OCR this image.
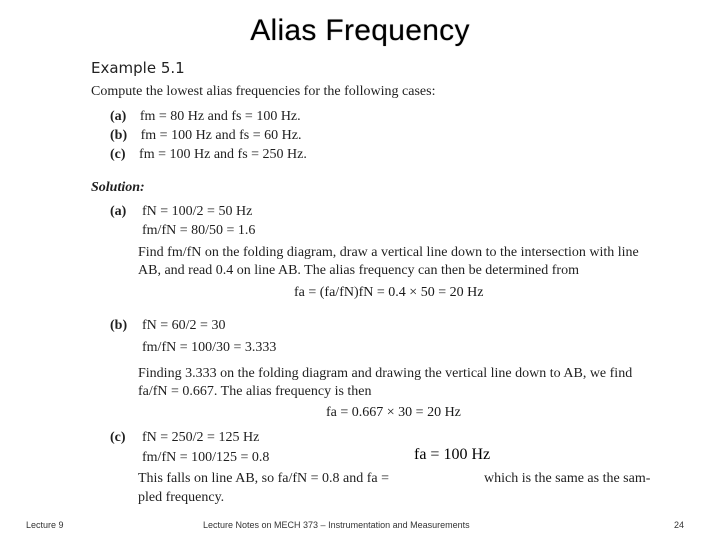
Alias Frequency
Example 5.1
Compute the lowest alias frequencies for the following cases:
(a) fm = 80 Hz and fs = 100 Hz.
(b) fm = 100 Hz and fs = 60 Hz.
(c) fm = 100 Hz and fs = 250 Hz.
Solution:
(a) fN = 100/2 = 50 Hz
fm/fN = 80/50 = 1.6
Find fm/fN on the folding diagram, draw a vertical line down to the intersection with line
AB, and read 0.4 on line AB. The alias frequency can then be determined from
fa = (fa/fN)fN = 0.4 × 50 = 20 Hz
(b) fN = 60/2 = 30
fm/fN = 100/30 = 3.333
Finding 3.333 on the folding diagram and drawing the vertical line down to AB, we find
fa/fN = 0.667. The alias frequency is then
fa = 0.667 × 30 = 20 Hz
(c) fN = 250/2 = 125 Hz
fm/fN = 100/125 = 0.8
This falls on line AB, so fa/fN = 0.8 and fa =	which is the same as the sam-
pled frequency.
fa = 100 Hz
Lecture 9	Lecture Notes on MECH 373 – Instrumentation and Measurements	24
